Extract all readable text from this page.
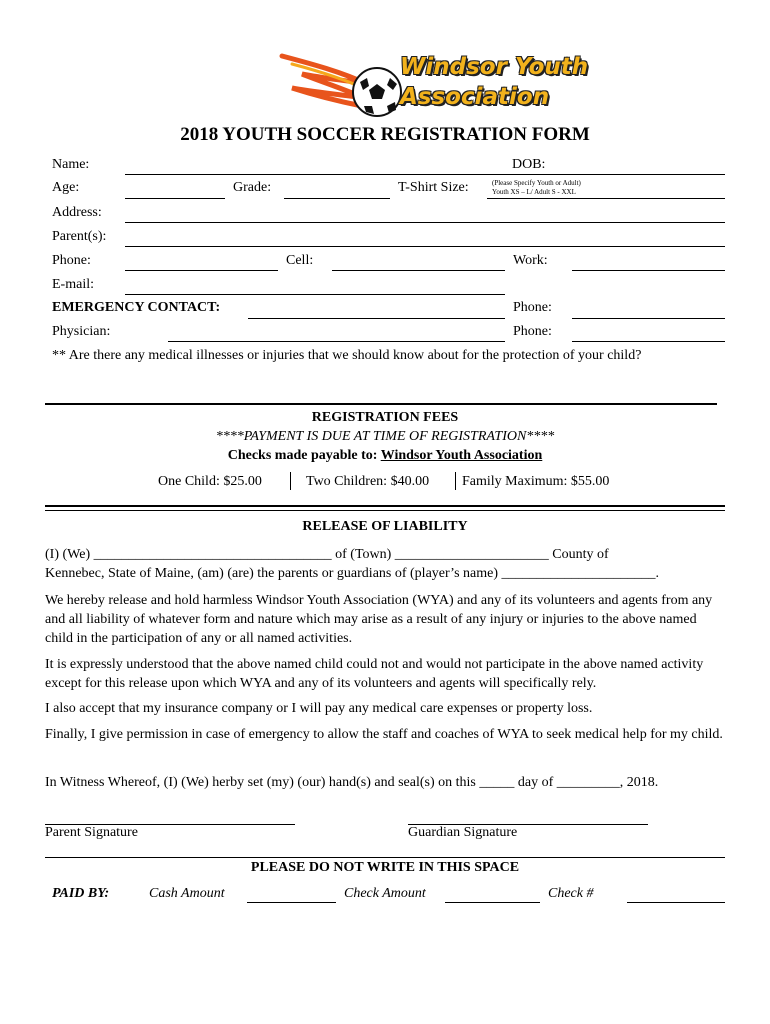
Windsor Youth
Association
2018 YOUTH SOCCER REGISTRATION FORM
Name:	DOB:
Age:	Grade:	T-Shirt Size:	(Please Specify Youth or Adult)
Youth XS – L/ Adult S - XXL
Address:
Parent(s):
Phone:	Cell:	Work:
E-mail:
EMERGENCY CONTACT:	Phone:
Physician:	Phone:
** Are there any medical illnesses or injuries that we should know about for the protection of your child?
REGISTRATION FEES
****PAYMENT IS DUE AT TIME OF REGISTRATION****
Checks made payable to: Windsor Youth Association
One Child: $25.00	Two Children: $40.00 Family Maximum: $55.00
RELEASE OF LIABILITY
(I) (We) __________________________________ of (Town) ______________________ County of
Kennebec, State of Maine, (am) (are) the parents or guardians of (player’s name) ______________________.
We hereby release and hold harmless Windsor Youth Association (WYA) and any of its volunteers and agents from any and all liability of whatever form and nature which may arise as a result of any injury or injuries to the above named child in the participation of any or all named activities.
It is expressly understood that the above named child could not and would not participate in the above named activity except for this release upon which WYA and any of its volunteers and agents will specifically rely.
I also accept that my insurance company or I will pay any medical care expenses or property loss.
Finally, I give permission in case of emergency to allow the staff and coaches of WYA to seek medical help for my child.
In Witness Whereof, (I) (We) herby set (my) (our) hand(s) and seal(s) on this _____ day of _________, 2018.
Parent Signature	Guardian Signature
PLEASE DO NOT WRITE IN THIS SPACE
PAID BY:	Cash Amount	Check Amount	Check #
